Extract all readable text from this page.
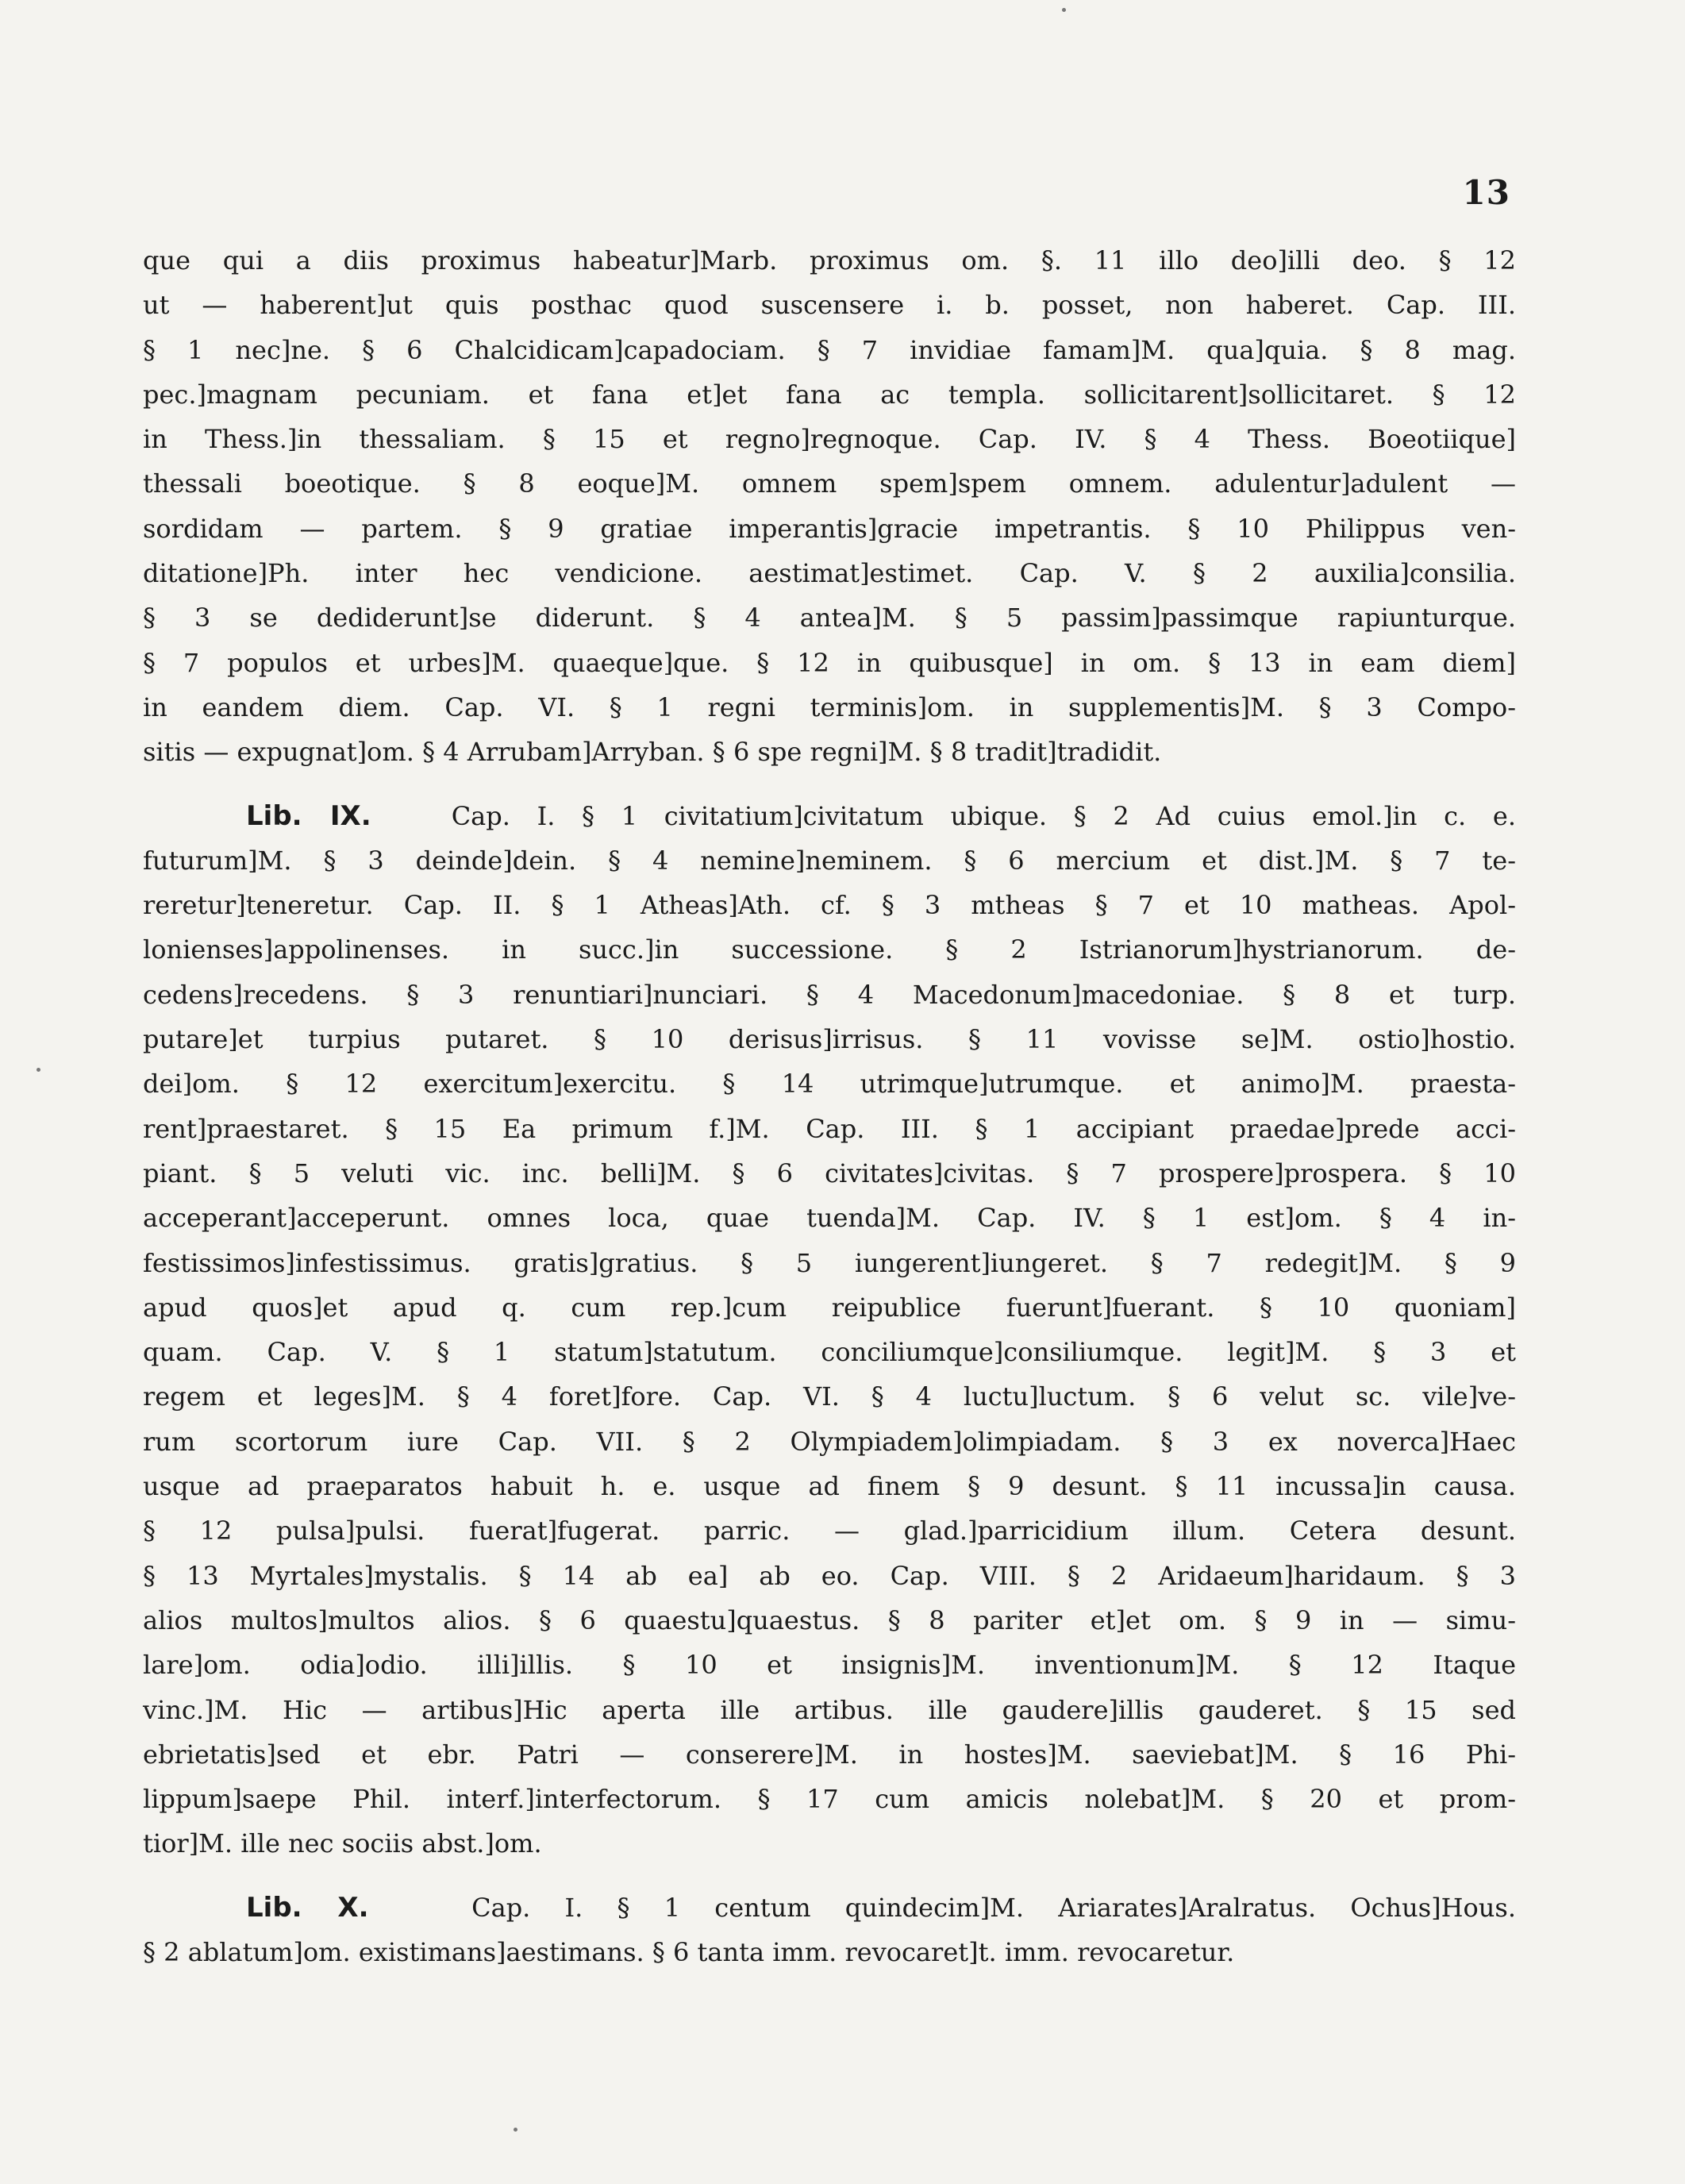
13
que qui a diis proximus habeatur]Marb. proximus om. §. 11 illo deo]illi deo. § 12
ut — haberent]ut quis posthac quod suscensere i. b. posset, non haberet. Cap. III.
§ 1 nec]ne. § 6 Chalcidicam]capadociam. § 7 invidiae famam]M. qua]quia. § 8 mag.
pec.]magnam pecuniam. et fana et]et fana ac templa. sollicitarent]sollicitaret. § 12
in Thess.]in thessaliam. § 15 et regno]regnoque. Cap. IV. § 4 Thess. Boeotiique]
thessali boeotique. § 8 eoque]M. omnem spem]spem omnem. adulentur]adulent —
sordidam — partem. § 9 gratiae imperantis]gracie impetrantis. § 10 Philippus ven-
ditatione]Ph. inter hec vendicione. aestimat]estimet. Cap. V. § 2 auxilia]consilia.
§ 3 se dediderunt]se diderunt. § 4 antea]M. § 5 passim]passimque rapiunturque.
§ 7 populos et urbes]M. quaeque]que. § 12 in quibusque] in om. § 13 in eam diem]
in eandem diem. Cap. VI. § 1 regni terminis]om. in supplementis]M. § 3 Compo-
sitis — expugnat]om. § 4 Arrubam]Arryban. § 6 spe regni]M. § 8 tradit]tradidit.
Lib. IX.	Cap. I. § 1 civitatium]civitatum ubique. § 2 Ad cuius emol.]in c. e.
futurum]M. § 3 deinde]dein. § 4 nemine]neminem. § 6 mercium et dist.]M. § 7 te-
reretur]teneretur. Cap. II. § 1 Atheas]Ath. cf. § 3 mtheas § 7 et 10 matheas. Apol-
lonienses]appolinenses. in succ.]in successione. § 2 Istrianorum]hystrianorum. de-
cedens]recedens. § 3 renuntiari]nunciari. § 4 Macedonum]macedoniae. § 8 et turp.
putare]et turpius putaret. § 10 derisus]irrisus. § 11 vovisse se]M. ostio]hostio.
dei]om. § 12 exercitum]exercitu. § 14 utrimque]utrumque. et animo]M. praesta-
rent]praestaret. § 15 Ea primum f.]M. Cap. III. § 1 accipiant praedae]prede acci-
piant. § 5 veluti vic. inc. belli]M. § 6 civitates]civitas. § 7 prospere]prospera. § 10
acceperant]acceperunt. omnes loca, quae tuenda]M. Cap. IV. § 1 est]om. § 4 in-
festissimos]infestissimus. gratis]gratius. § 5 iungerent]iungeret. § 7 redegit]M. § 9
apud quos]et apud q. cum rep.]cum reipublice fuerunt]fuerant. § 10 quoniam]
quam. Cap. V. § 1 statum]statutum. conciliumque]consiliumque. legit]M. § 3 et
regem et leges]M. § 4 foret]fore. Cap. VI. § 4 luctu]luctum. § 6 velut sc. vile]ve-
rum scortorum iure Cap. VII. § 2 Olympiadem]olimpiadam. § 3 ex noverca]Haec
usque ad praeparatos habuit h. e. usque ad finem § 9 desunt. § 11 incussa]in causa.
§ 12 pulsa]pulsi. fuerat]fugerat. parric. — glad.]parricidium illum. Cetera desunt.
§ 13 Myrtales]mystalis. § 14 ab ea] ab eo. Cap. VIII. § 2 Aridaeum]haridaum. § 3
alios multos]multos alios. § 6 quaestu]quaestus. § 8 pariter et]et om. § 9 in — simu-
lare]om. odia]odio. illi]illis. § 10 et insignis]M. inventionum]M. § 12 Itaque
vinc.]M. Hic — artibus]Hic aperta ille artibus. ille gaudere]illis gauderet. § 15 sed
ebrietatis]sed et ebr. Patri — conserere]M. in hostes]M. saeviebat]M. § 16 Phi-
lippum]saepe Phil. interf.]interfectorum. § 17 cum amicis nolebat]M. § 20 et prom-
tior]M. ille nec sociis abst.]om.
Lib. X.	Cap. I. § 1 centum quindecim]M. Ariarates]Aralratus. Ochus]Hous.
§ 2 ablatum]om. existimans]aestimans. § 6 tanta imm. revocaret]t. imm. revocaretur.
